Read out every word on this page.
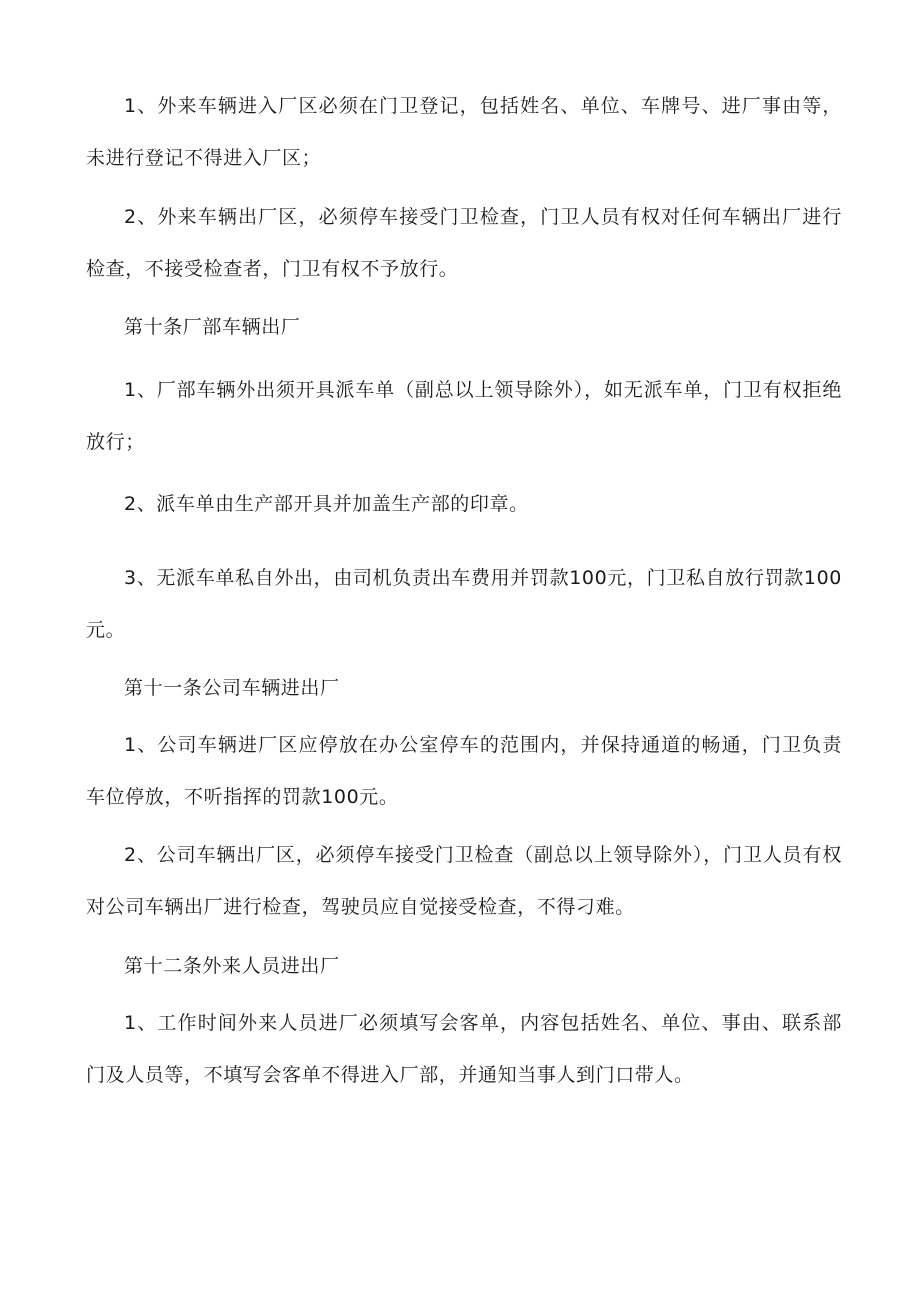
1、外来车辆进入厂区必须在门卫登记，包括姓名、单位、车牌号、进厂事由等，未进行登记不得进入厂区；

2、外来车辆出厂区，必须停车接受门卫检查，门卫人员有权对任何车辆出厂进行检查，不接受检查者，门卫有权不予放行。

第十条厂部车辆出厂

1、厂部车辆外出须开具派车单（副总以上领导除外），如无派车单，门卫有权拒绝放行；

2、派车单由生产部开具并加盖生产部的印章。

3、无派车单私自外出，由司机负责出车费用并罚款100元，门卫私自放行罚款100元。

第十一条公司车辆进出厂

1、公司车辆进厂区应停放在办公室停车的范围内，并保持通道的畅通，门卫负责车位停放，不听指挥的罚款100元。

2、公司车辆出厂区，必须停车接受门卫检查（副总以上领导除外），门卫人员有权对公司车辆出厂进行检查，驾驶员应自觉接受检查，不得刁难。

第十二条外来人员进出厂

1、工作时间外来人员进厂必须填写会客单，内容包括姓名、单位、事由、联系部门及人员等，不填写会客单不得进入厂部，并通知当事人到门口带人。
